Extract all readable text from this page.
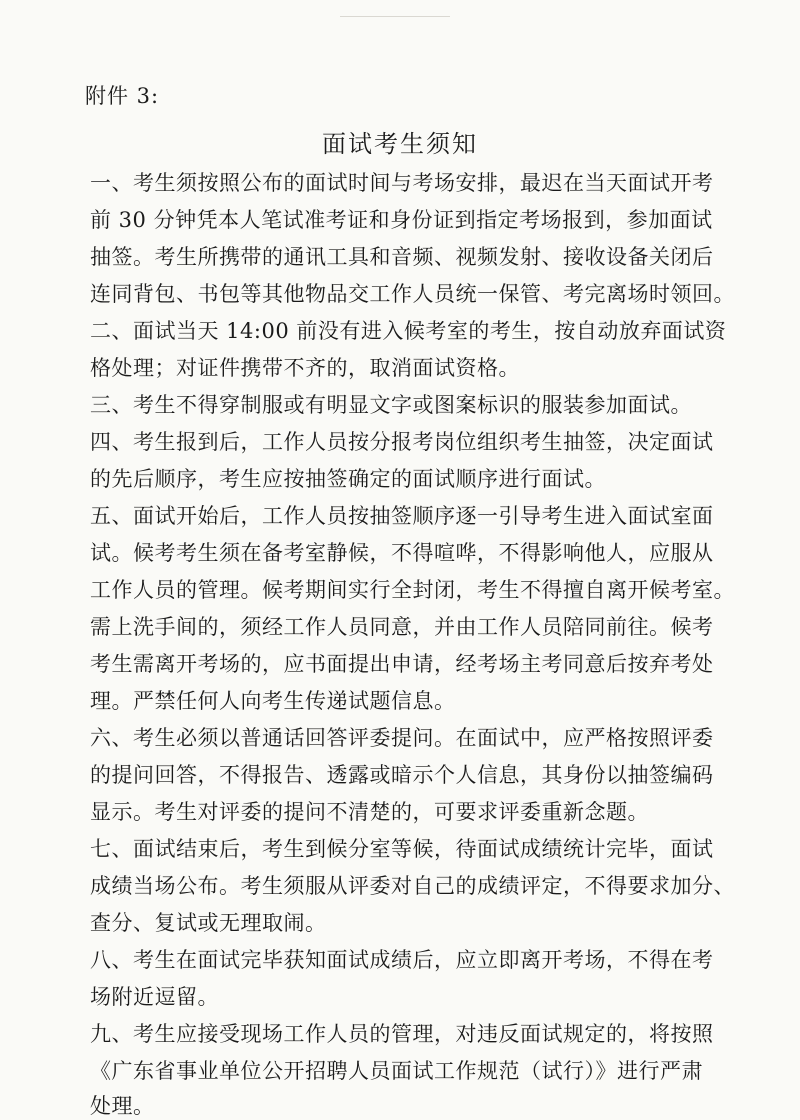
附件 3:
面试考生须知
一、考生须按照公布的面试时间与考场安排，最迟在当天面试开考
前 30 分钟凭本人笔试准考证和身份证到指定考场报到，参加面试
抽签。考生所携带的通讯工具和音频、视频发射、接收设备关闭后
连同背包、书包等其他物品交工作人员统一保管、考完离场时领回。
二、面试当天 14:00 前没有进入候考室的考生，按自动放弃面试资
格处理；对证件携带不齐的，取消面试资格。
三、考生不得穿制服或有明显文字或图案标识的服装参加面试。
四、考生报到后，工作人员按分报考岗位组织考生抽签，决定面试
的先后顺序，考生应按抽签确定的面试顺序进行面试。
五、面试开始后，工作人员按抽签顺序逐一引导考生进入面试室面
试。候考考生须在备考室静候，不得喧哗，不得影响他人，应服从
工作人员的管理。候考期间实行全封闭，考生不得擅自离开候考室。
需上洗手间的，须经工作人员同意，并由工作人员陪同前往。候考
考生需离开考场的，应书面提出申请，经考场主考同意后按弃考处
理。严禁任何人向考生传递试题信息。
六、考生必须以普通话回答评委提问。在面试中，应严格按照评委
的提问回答，不得报告、透露或暗示个人信息，其身份以抽签编码
显示。考生对评委的提问不清楚的，可要求评委重新念题。
七、面试结束后，考生到候分室等候，待面试成绩统计完毕，面试
成绩当场公布。考生须服从评委对自己的成绩评定，不得要求加分、
查分、复试或无理取闹。
八、考生在面试完毕获知面试成绩后，应立即离开考场，不得在考
场附近逗留。
九、考生应接受现场工作人员的管理，对违反面试规定的，将按照
《广东省事业单位公开招聘人员面试工作规范（试行）》进行严肃
处理。
